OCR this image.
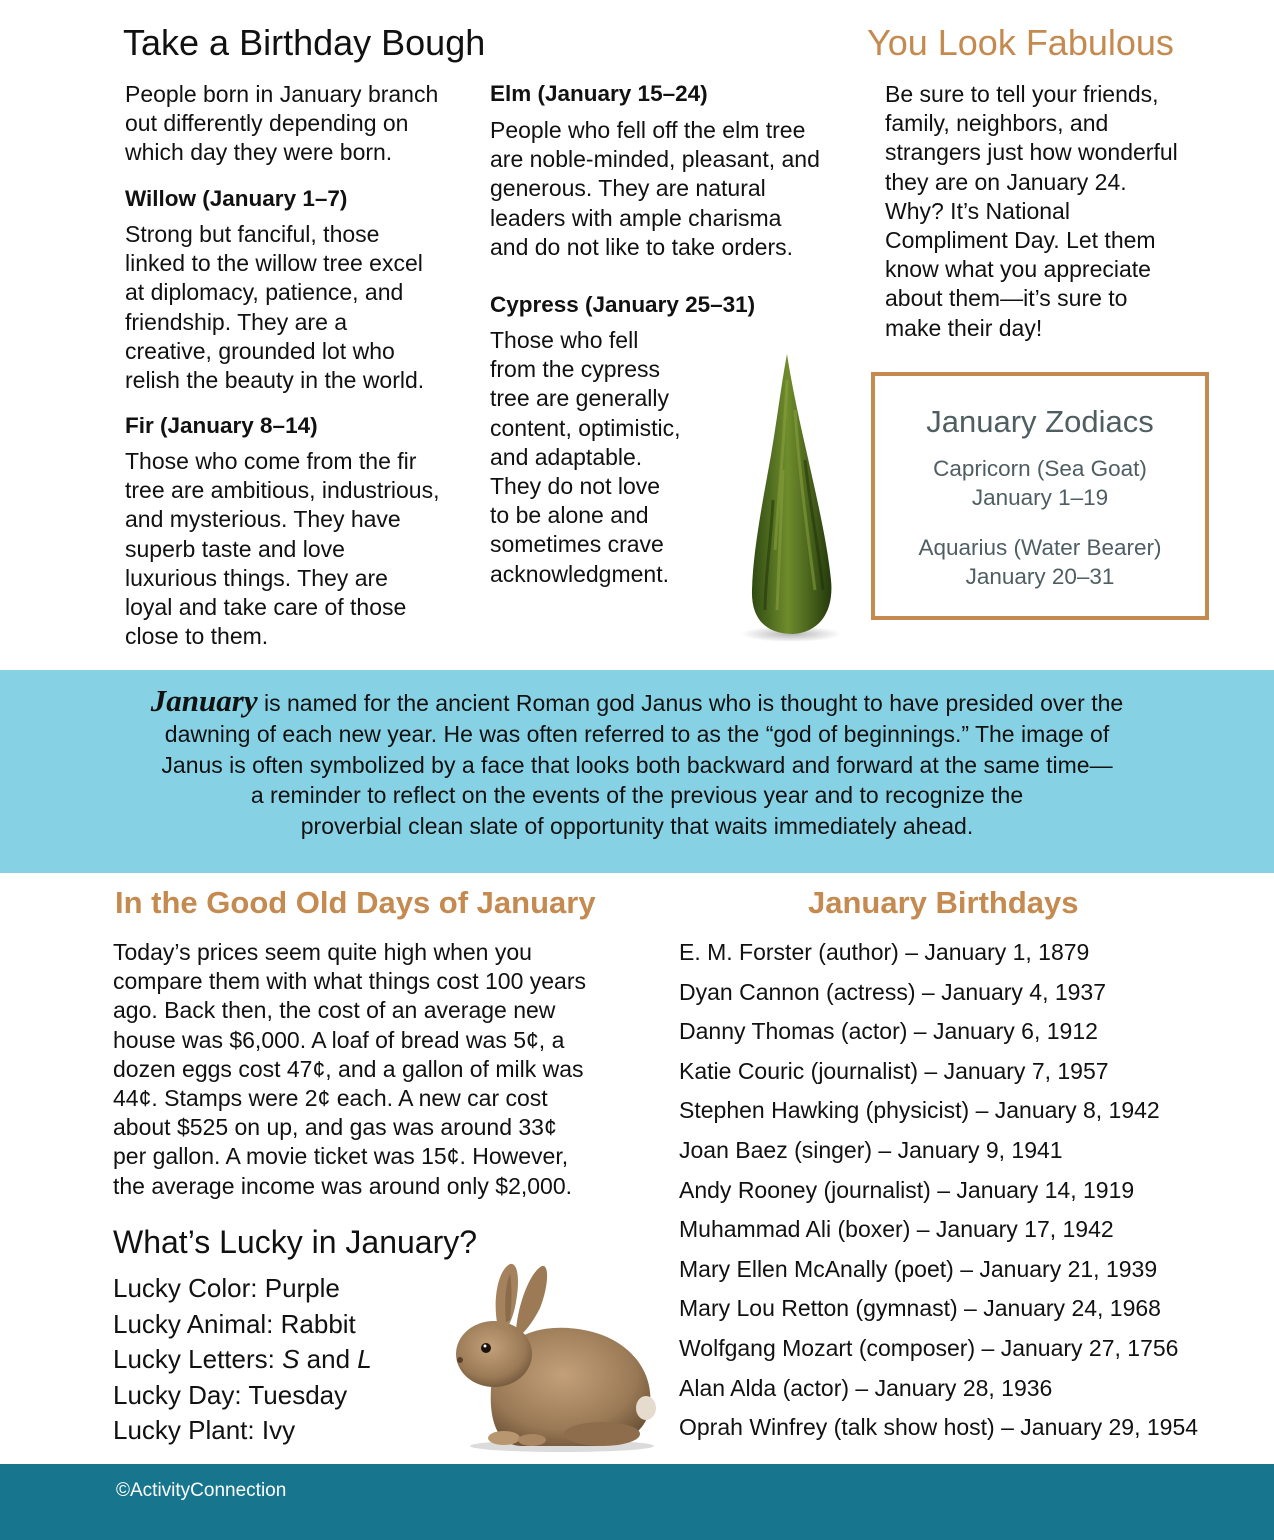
Take a Birthday Bough
People born in January branch
out differently depending on
which day they were born.
Willow (January 1–7)
Strong but fanciful, those
linked to the willow tree excel
at diplomacy, patience, and
friendship. They are a
creative, grounded lot who
relish the beauty in the world.
Fir (January 8–14)
Those who come from the fir
tree are ambitious, industrious,
and mysterious. They have
superb taste and love
luxurious things. They are
loyal and take care of those
close to them.
Elm (January 15–24)
People who fell off the elm tree
are noble-minded, pleasant, and
generous. They are natural
leaders with ample charisma
and do not like to take orders.
Cypress (January 25–31)
Those who fell
from the cypress
tree are generally
content, optimistic,
and adaptable.
They do not love
to be alone and
sometimes crave
acknowledgment.
You Look Fabulous
Be sure to tell your friends,
family, neighbors, and
strangers just how wonderful
they are on January 24.
Why? It’s National
Compliment Day. Let them
know what you appreciate
about them—it’s sure to
make their day!
January Zodiacs
Capricorn (Sea Goat)
January 1–19
Aquarius (Water Bearer)
January 20–31
January is named for the ancient Roman god Janus who is thought to have presided over the
dawning of each new year. He was often referred to as the “god of beginnings.” The image of
Janus is often symbolized by a face that looks both backward and forward at the same time—
a reminder to reflect on the events of the previous year and to recognize the
proverbial clean slate of opportunity that waits immediately ahead.
In the Good Old Days of January
Today’s prices seem quite high when you
compare them with what things cost 100 years
ago. Back then, the cost of an average new
house was $6,000. A loaf of bread was 5¢, a
dozen eggs cost 47¢, and a gallon of milk was
44¢. Stamps were 2¢ each. A new car cost
about $525 on up, and gas was around 33¢
per gallon. A movie ticket was 15¢. However,
the average income was around only $2,000.
What’s Lucky in January?
Lucky Color: Purple
Lucky Animal: Rabbit
Lucky Letters: S and L
Lucky Day: Tuesday
Lucky Plant: Ivy
January Birthdays
E. M. Forster (author) – January 1, 1879
Dyan Cannon (actress) – January 4, 1937
Danny Thomas (actor) – January 6, 1912
Katie Couric (journalist) – January 7, 1957
Stephen Hawking (physicist) – January 8, 1942
Joan Baez (singer) – January 9, 1941
Andy Rooney (journalist) – January 14, 1919
Muhammad Ali (boxer) – January 17, 1942
Mary Ellen McAnally (poet) – January 21, 1939
Mary Lou Retton (gymnast) – January 24, 1968
Wolfgang Mozart (composer) – January 27, 1756
Alan Alda (actor) – January 28, 1936
Oprah Winfrey (talk show host) – January 29, 1954
©ActivityConnection
